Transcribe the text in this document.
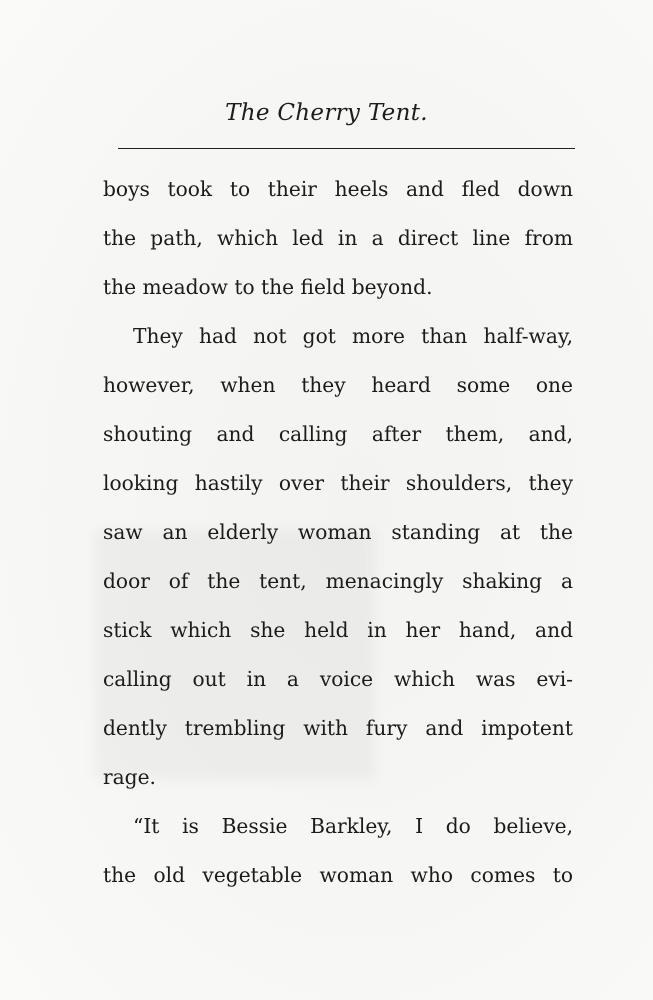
The Cherry Tent.
boys took to their heels and fled down
the path, which led in a direct line from
the meadow to the field beyond.
They had not got more than half-way,
however, when they heard some one
shouting and calling after them, and,
looking hastily over their shoulders, they
saw an elderly woman standing at the
door of the tent, menacingly shaking a
stick which she held in her hand, and
calling out in a voice which was evi-
dently trembling with fury and impotent
rage.
“It is Bessie Barkley, I do believe,
the old vegetable woman who comes to
